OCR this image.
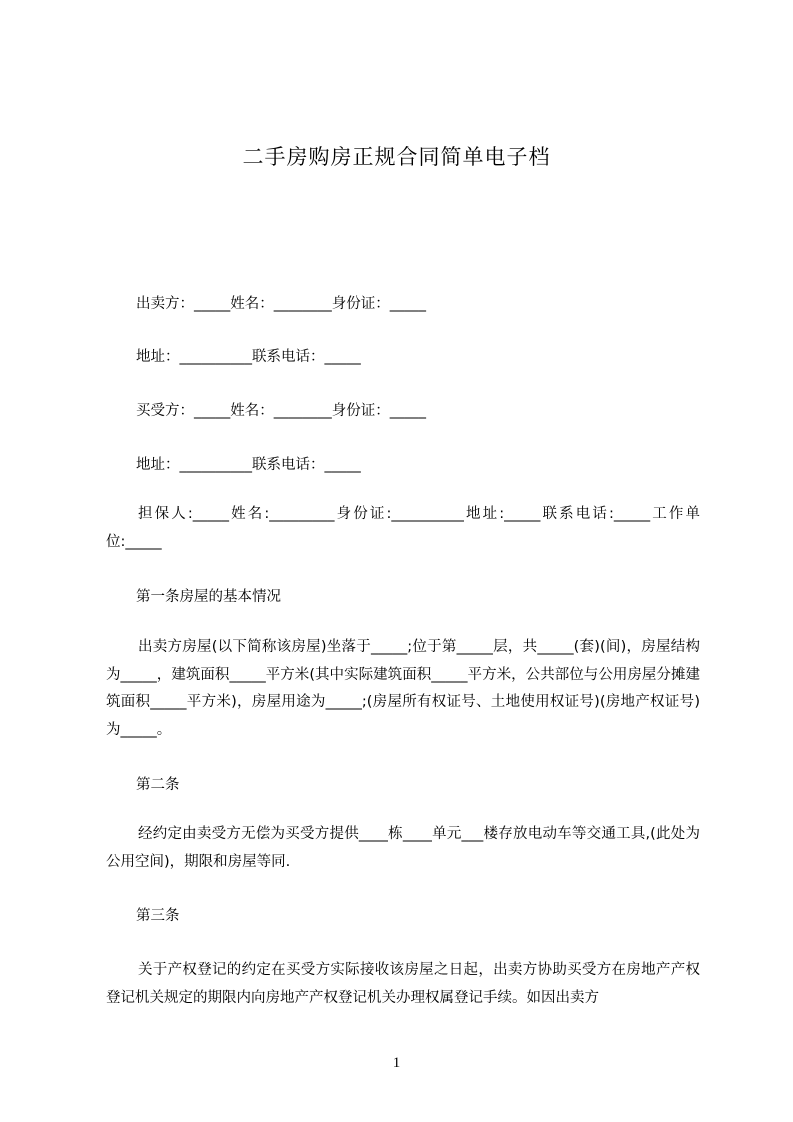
二手房购房正规合同简单电子档
出卖方：_____姓名：________身份证：_____
地址：__________联系电话：_____
买受方：_____姓名：________身份证：_____
地址：__________联系电话：_____
担保人:_____姓名:_________身份证:__________地址:_____联系电话:_____工作单位:_____
第一条房屋的基本情况
出卖方房屋(以下简称该房屋)坐落于_____;位于第_____层，共_____(套)(间)，房屋结构为_____，建筑面积_____平方米(其中实际建筑面积_____平方米，公共部位与公用房屋分摊建筑面积_____平方米)，房屋用途为_____;(房屋所有权证号、土地使用权证号)(房地产权证号)为_____。
第二条
经约定由卖受方无偿为买受方提供____栋____单元___楼存放电动车等交通工具,(此处为公用空间)，期限和房屋等同.
第三条
关于产权登记的约定在买受方实际接收该房屋之日起，出卖方协助买受方在房地产产权登记机关规定的期限内向房地产产权登记机关办理权属登记手续。如因出卖方
1
